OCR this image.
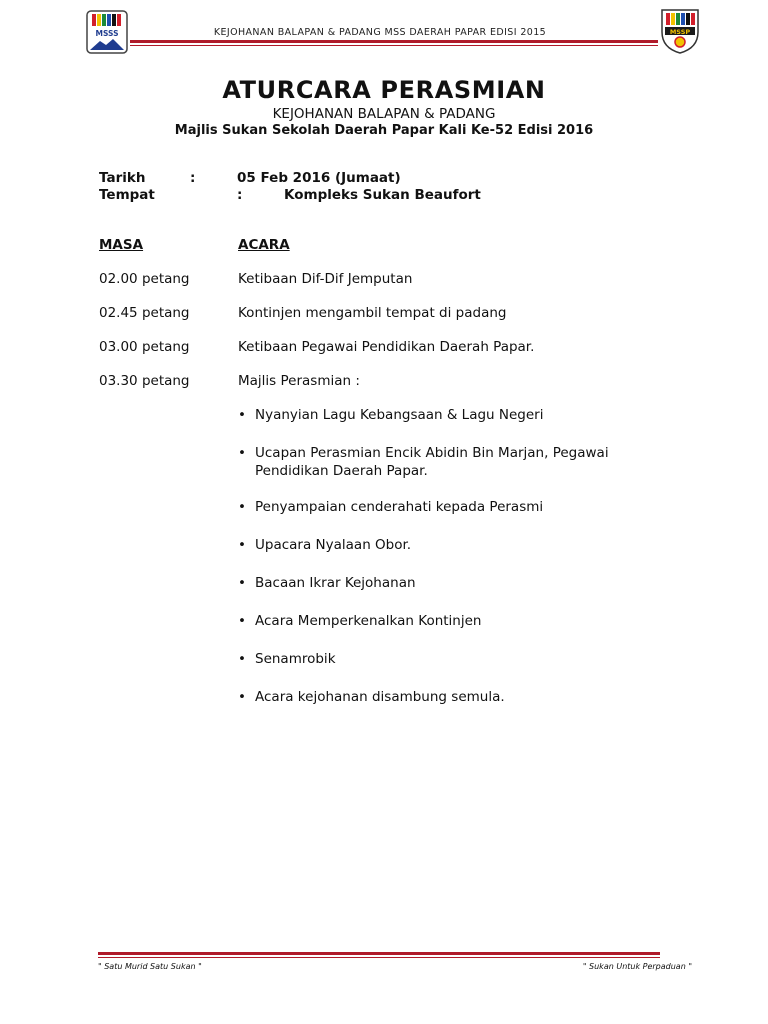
MSSS	KEJOHANAN BALAPAN & PADANG MSS DAERAH PAPAR EDISI 2015	MSSP
ATURCARA PERASMIAN
KEJOHANAN BALAPAN & PADANG
Majlis Sukan Sekolah Daerah Papar Kali Ke-52 Edisi 2016
Tarikh	:	05 Feb 2016 (Jumaat)
Tempat	:	Kompleks Sukan Beaufort
MASA	ACARA
02.00 petang	Ketibaan Dif-Dif Jemputan
02.45 petang	Kontinjen mengambil tempat di padang
03.00 petang	Ketibaan Pegawai Pendidikan Daerah Papar.
03.30 petang	Majlis Perasmian :
• Nyanyian Lagu Kebangsaan & Lagu Negeri
• Ucapan Perasmian Encik Abidin Bin Marjan, Pegawai Pendidikan Daerah Papar.
• Penyampaian cenderahati kepada Perasmi
• Upacara Nyalaan Obor.
• Bacaan Ikrar Kejohanan
• Acara Memperkenalkan Kontinjen
• Senamrobik
• Acara kejohanan disambung semula.
" Satu Murid Satu Sukan "	" Sukan Untuk Perpaduan "
